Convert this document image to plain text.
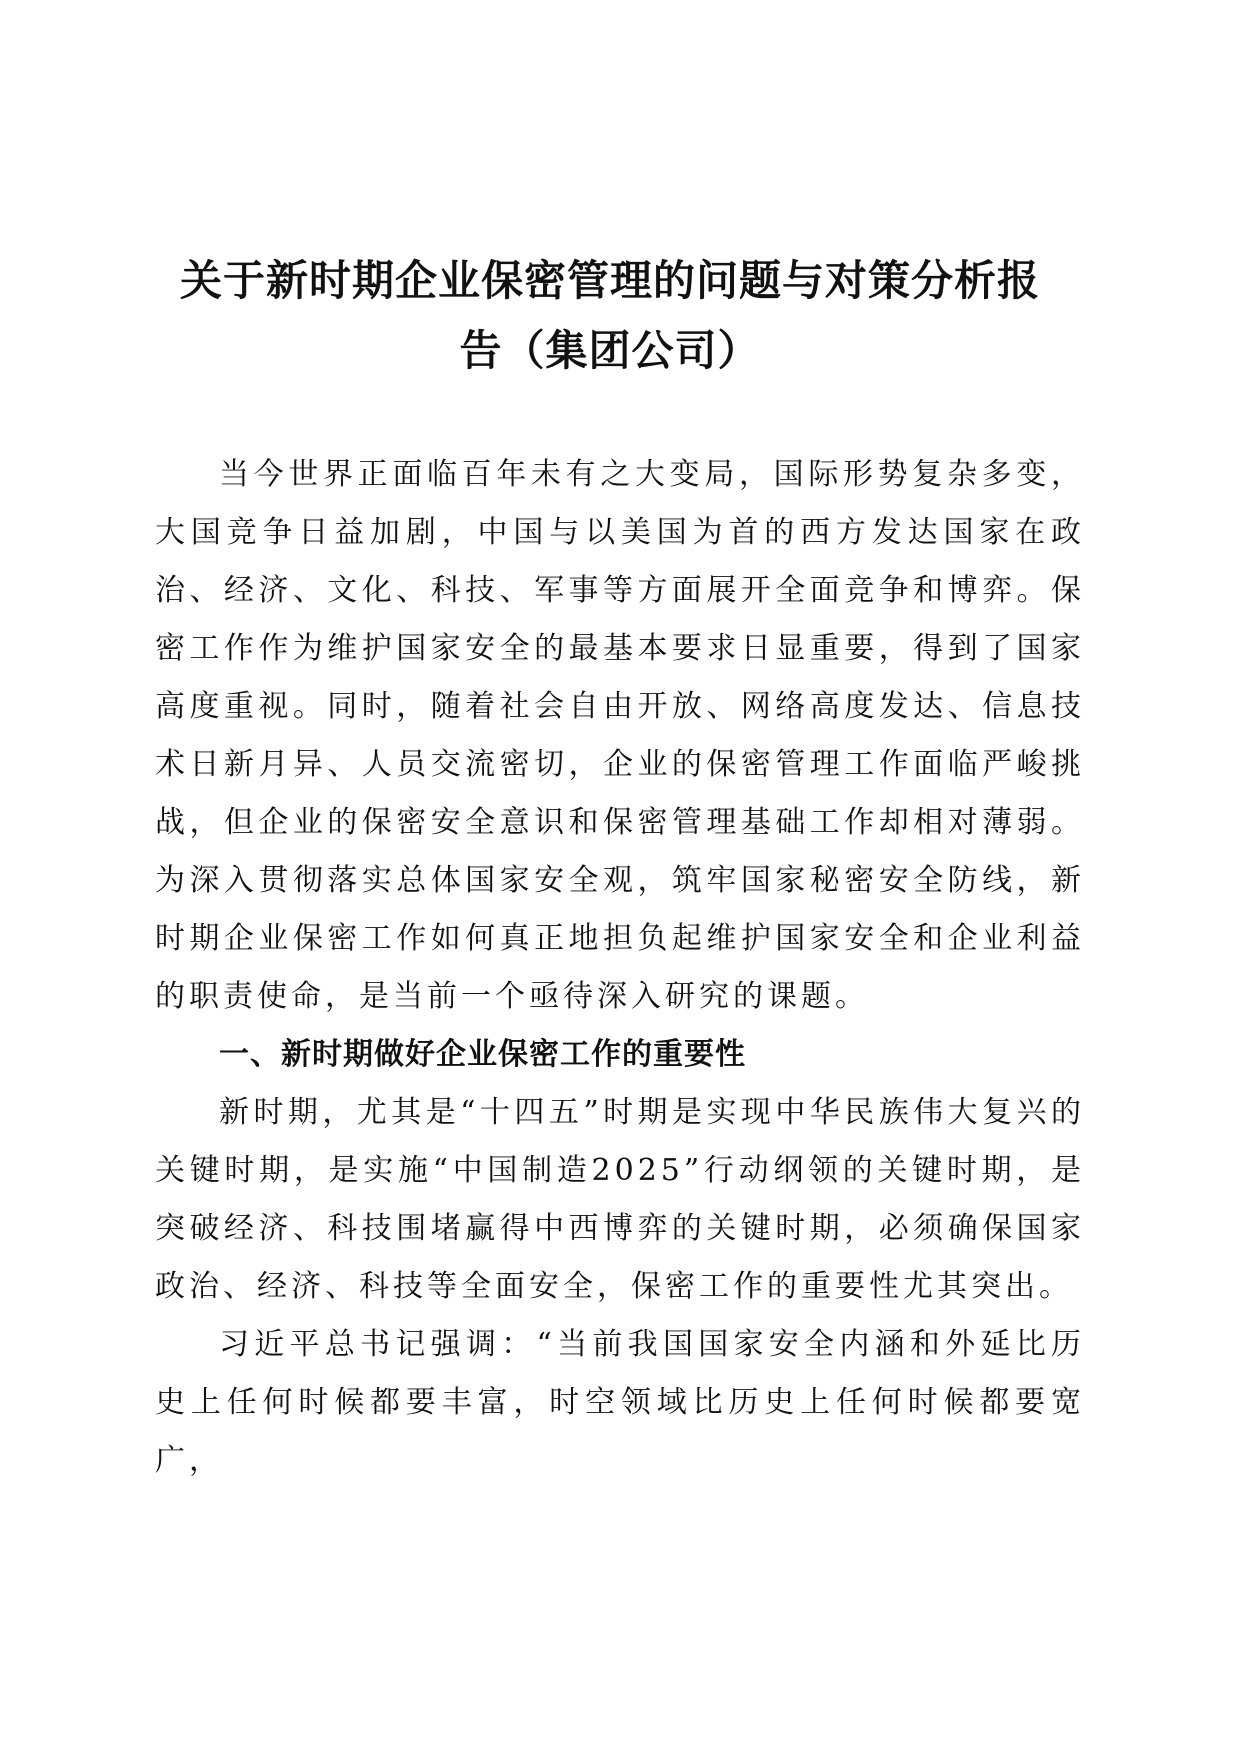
关于新时期企业保密管理的问题与对策分析报
告（集团公司）

当今世界正面临百年未有之大变局，国际形势复杂多变，大国竞争日益加剧，中国与以美国为首的西方发达国家在政治、经济、文化、科技、军事等方面展开全面竞争和博弈。保密工作作为维护国家安全的最基本要求日显重要，得到了国家高度重视。同时，随着社会自由开放、网络高度发达、信息技术日新月异、人员交流密切，企业的保密管理工作面临严峻挑战，但企业的保密安全意识和保密管理基础工作却相对薄弱。为深入贯彻落实总体国家安全观，筑牢国家秘密安全防线，新时期企业保密工作如何真正地担负起维护国家安全和企业利益的职责使命，是当前一个亟待深入研究的课题。

一、新时期做好企业保密工作的重要性

新时期，尤其是“十四五”时期是实现中华民族伟大复兴的关键时期，是实施“中国制造2025”行动纲领的关键时期，是突破经济、科技围堵赢得中西博弈的关键时期，必须确保国家政治、经济、科技等全面安全，保密工作的重要性尤其突出。

习近平总书记强调：“当前我国国家安全内涵和外延比历史上任何时候都要丰富，时空领域比历史上任何时候都要宽广，
